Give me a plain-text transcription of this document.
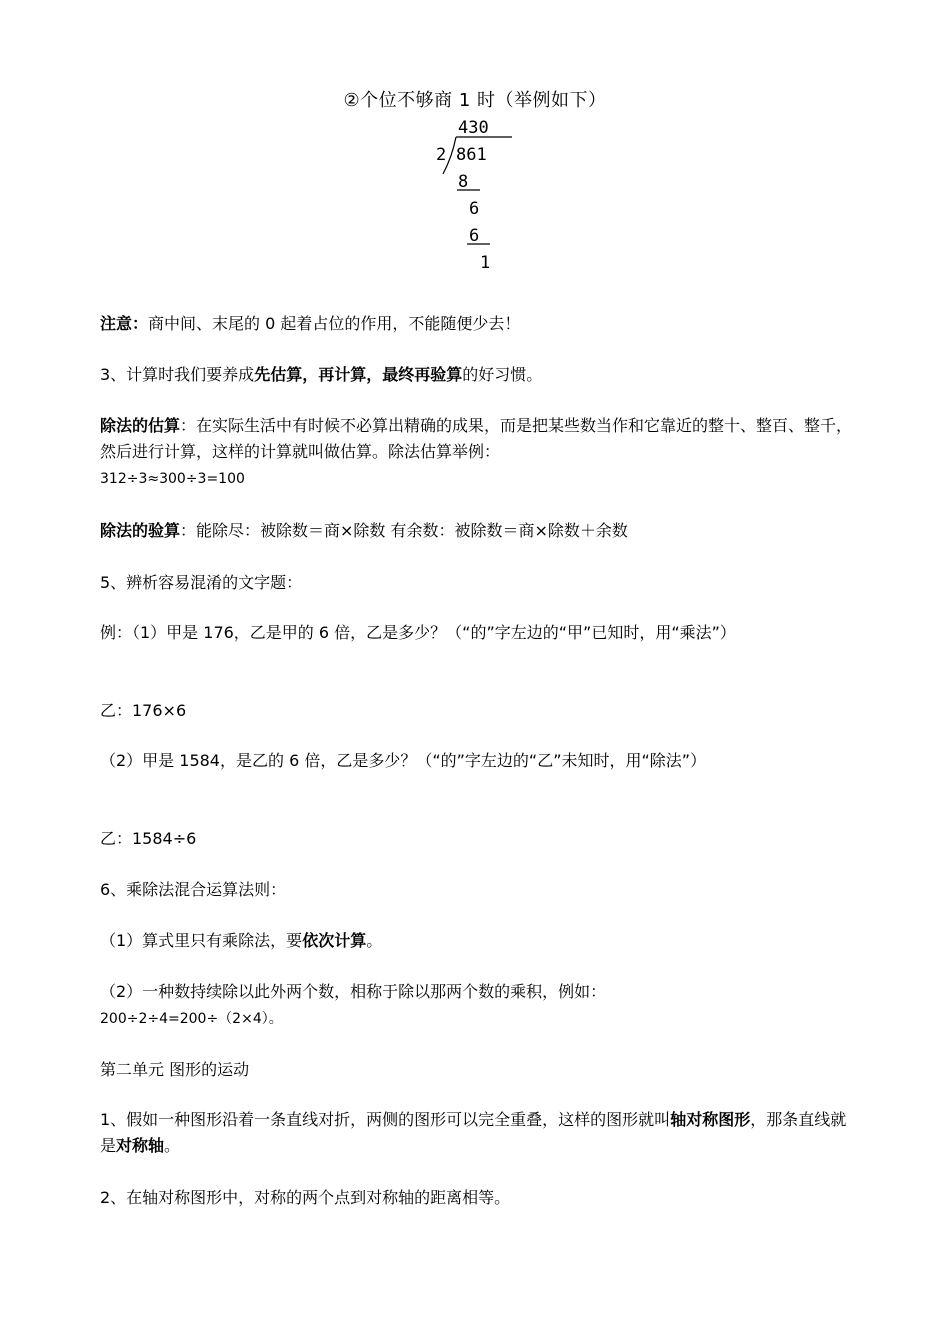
②个位不够商 1 时（举例如下）
430
2 861
8
6
6
1

注意：商中间、末尾的 0 起着占位的作用，不能随便少去！

3、计算时我们要养成先估算，再计算，最终再验算的好习惯。

除法的估算：在实际生活中有时候不必算出精确的成果，而是把某些数当作和它靠近的整十、整百、整千，然后进行计算，这样的计算就叫做估算。除法估算举例：
312÷3≈300÷3=100

除法的验算：能除尽：被除数＝商×除数 有余数：被除数＝商×除数＋余数

5、辨析容易混淆的文字题：

例：（1）甲是 176，乙是甲的 6 倍，乙是多少？（“的”字左边的“甲”已知时，用“乘法”）

乙：176×6

（2）甲是 1584，是乙的 6 倍，乙是多少？（“的”字左边的“乙”未知时，用“除法”）

乙：1584÷6

6、乘除法混合运算法则：

（1）算式里只有乘除法，要依次计算。

（2）一种数持续除以此外两个数，相称于除以那两个数的乘积，例如：
200÷2÷4=200÷（2×4）。

第二单元 图形的运动

1、假如一种图形沿着一条直线对折，两侧的图形可以完全重叠，这样的图形就叫轴对称图形，那条直线就是对称轴。

2、在轴对称图形中，对称的两个点到对称轴的距离相等。
